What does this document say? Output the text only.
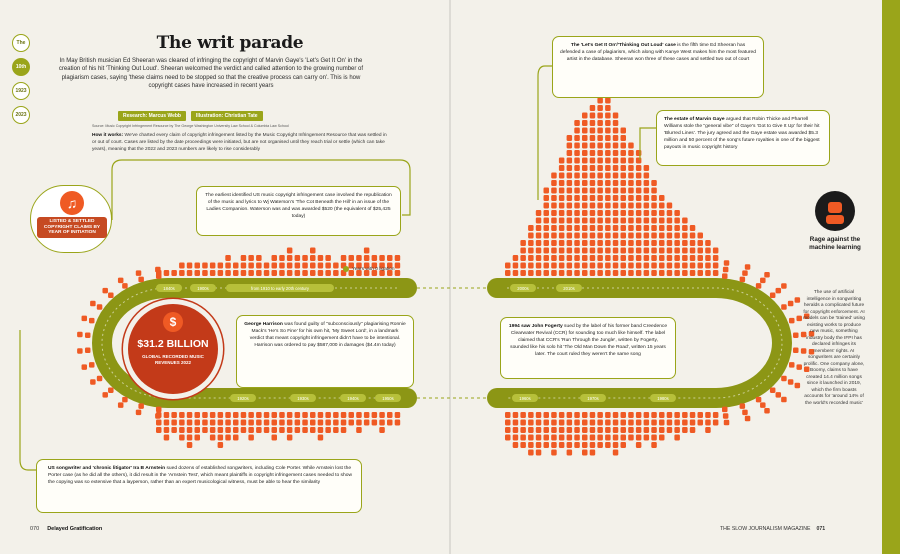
The
10th
1923
2023
The writ parade
In May British musician Ed Sheeran was cleared of infringing the copyright of Marvin Gaye's 'Let's Get It On' in the creation of his hit 'Thinking Out Loud'. Sheeran welcomed the verdict and called attention to the growing number of plagiarism cases, saying 'these claims need to be stopped so that the creative process can carry on'. This is how copyright cases have increased in recent years
Research: Marcus Webb	Illustration: Christian Tate
Source: Music Copyright Infringement Resource by The George Washington University Law School & Columbia Law School
How it works: We've charted every claim of copyright infringement listed by the Music Copyright Infringement Resource that was settled in or out of court. Cases are listed by the date proceedings were initiated, but are not organised until they reach trial or settle (which can take years), meaning that the 2022 and 2023 numbers are likely to rise considerably
1840s	1900s	from 1910 to early 20th century
1920s	1930s	1940s	1950s
2000s	2010s
1960s	1970s	1980s
♫
LISTED & SETTLED COPYRIGHT CLAIMS BY YEAR OF INITIATION
Years with 0 ligation
$
$31.2 BILLION
GLOBAL RECORDED MUSIC REVENUES 2022
The earliest identified US music copyright infringement case involved the republication of the music and lyrics to Wj Waterson's 'The Cot Beneath the Hill' in an issue of the Ladies Companion. Waterson was and was awarded $520 (the equivalent of $25,425 today)
George Harrison was found guilty of "subconsciously" plagiarising Ronnie Mack's 'He's So Fine' for his own hit, 'My Sweet Lord', in a landmark verdict that meant copyright infringement didn't have to be intentional. Harrison was ordered to pay $587,000 in damages ($4.4m today)
1994 saw John Fogerty sued by the label of his former band Creedence Clearwater Revival (CCR) for sounding too much like himself. The label claimed that CCR's 'Run Through the Jungle', written by Fogerty, sounded like his solo hit 'The Old Man Down the Road', written 15 years later. The court ruled they weren't the same song
US songwriter and 'chronic litigator' Ira B Arnstein sued dozens of established songwriters, including Cole Porter. While Arnstein lost the Porter case (as he did all the others), it did result in the 'Arnstein Test', which meant plaintiffs in copyright infringement cases needed to show the copying was so extensive that a layperson, rather than an expert musicological witness, must be able to hear the similarity
The 'Let's Get It On'/'Thinking Out Loud' case is the fifth time Ed Sheeran has defended a case of plagiarism, which along with Kanye West makes him the most featured artist in the database. Sheeran won three of these cases and settled two out of court
The estate of Marvin Gaye argued that Robin Thicke and Pharrell Williams stole the "general vibe" of Gaye's 'Got to Give It Up' for their hit 'Blurred Lines'. The jury agreed and the Gaye estate was awarded $5.3 million and 50 percent of the song's future royalties in one of the biggest payouts in music copyright history
Rage against the machine learning
The use of artificial intelligence in songwriting heralds a complicated future for copyright enforcement. AI models can be 'trained' using existing works to produce new music, something industry body the IFPI has declared infringes its members' rights. AI songwriters are certainly prolific. One company alone, Boomy, claims to have created 14.4 million songs since it launched in 2019, which the firm boasts accounts for 'around 14% of the world's recorded music'
070 Delayed Gratification	THE SLOW JOURNALISM MAGAZINE 071
